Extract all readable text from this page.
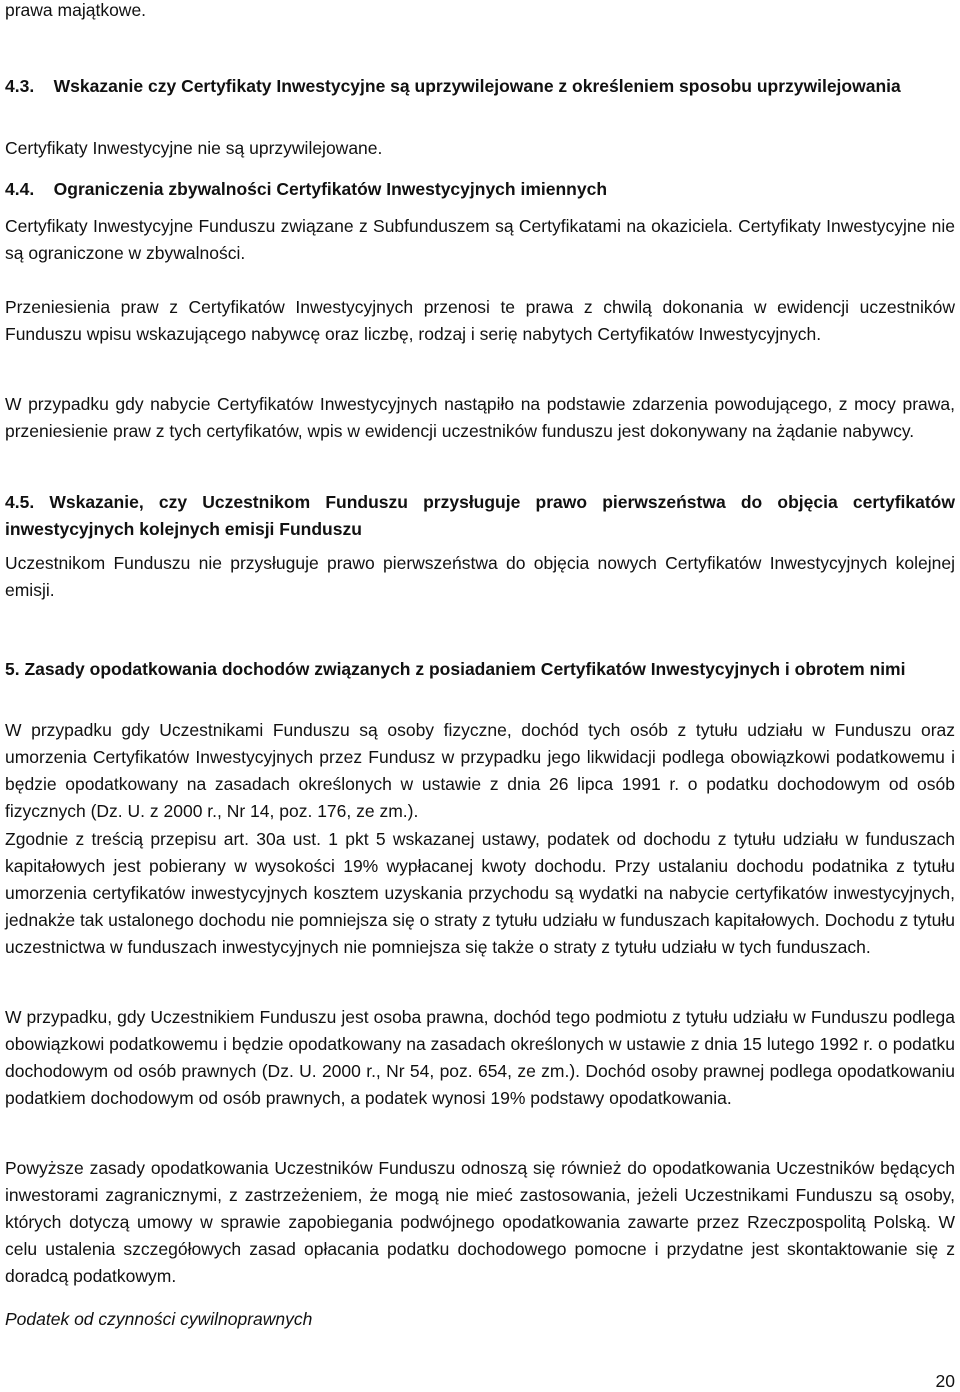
prawa majątkowe.

4.3. Wskazanie czy Certyfikaty Inwestycyjne są uprzywilejowane z określeniem sposobu uprzywilejowania

Certyfikaty Inwestycyjne nie są uprzywilejowane.

4.4. Ograniczenia zbywalności Certyfikatów Inwestycyjnych imiennych

Certyfikaty Inwestycyjne Funduszu związane z Subfunduszem są Certyfikatami na okaziciela. Certyfikaty Inwestycyjne nie są ograniczone w zbywalności.

Przeniesienia praw z Certyfikatów Inwestycyjnych przenosi te prawa z chwilą dokonania w ewidencji uczestników Funduszu wpisu wskazującego nabywcę oraz liczbę, rodzaj i serię nabytych Certyfikatów Inwestycyjnych.

W przypadku gdy nabycie Certyfikatów Inwestycyjnych nastąpiło na podstawie zdarzenia powodującego, z mocy prawa, przeniesienie praw z tych certyfikatów, wpis w ewidencji uczestników funduszu jest dokonywany na żądanie nabywcy.

4.5. Wskazanie, czy Uczestnikom Funduszu przysługuje prawo pierwszeństwa do objęcia certyfikatów inwestycyjnych kolejnych emisji Funduszu

Uczestnikom Funduszu nie przysługuje prawo pierwszeństwa do objęcia nowych Certyfikatów Inwestycyjnych kolejnej emisji.

5. Zasady opodatkowania dochodów związanych z posiadaniem Certyfikatów Inwestycyjnych i obrotem nimi

W przypadku gdy Uczestnikami Funduszu są osoby fizyczne, dochód tych osób z tytułu udziału w Funduszu oraz umorzenia Certyfikatów Inwestycyjnych przez Fundusz w przypadku jego likwidacji podlega obowiązkowi podatkowemu i będzie opodatkowany na zasadach określonych w ustawie z dnia 26 lipca 1991 r. o podatku dochodowym od osób fizycznych (Dz. U. z 2000 r., Nr 14, poz. 176, ze zm.).

Zgodnie z treścią przepisu art. 30a ust. 1 pkt 5 wskazanej ustawy, podatek od dochodu z tytułu udziału w funduszach kapitałowych jest pobierany w wysokości 19% wypłacanej kwoty dochodu. Przy ustalaniu dochodu podatnika z tytułu umorzenia certyfikatów inwestycyjnych kosztem uzyskania przychodu są wydatki na nabycie certyfikatów inwestycyjnych, jednakże tak ustalonego dochodu nie pomniejsza się o straty z tytułu udziału w funduszach kapitałowych. Dochodu z tytułu uczestnictwa w funduszach inwestycyjnych nie pomniejsza się także o straty z tytułu udziału w tych funduszach.

W przypadku, gdy Uczestnikiem Funduszu jest osoba prawna, dochód tego podmiotu z tytułu udziału w Funduszu podlega obowiązkowi podatkowemu i będzie opodatkowany na zasadach określonych w ustawie z dnia 15 lutego 1992 r. o podatku dochodowym od osób prawnych (Dz. U. 2000 r., Nr 54, poz. 654, ze zm.). Dochód osoby prawnej podlega opodatkowaniu podatkiem dochodowym od osób prawnych, a podatek wynosi 19% podstawy opodatkowania.

Powyższe zasady opodatkowania Uczestników Funduszu odnoszą się również do opodatkowania Uczestników będących inwestorami zagranicznymi, z zastrzeżeniem, że mogą nie mieć zastosowania, jeżeli Uczestnikami Funduszu są osoby, których dotyczą umowy w sprawie zapobiegania podwójnego opodatkowania zawarte przez Rzeczpospolitą Polską. W celu ustalenia szczegółowych zasad opłacania podatku dochodowego pomocne i przydatne jest skontaktowanie się z doradcą podatkowym.

Podatek od czynności cywilnoprawnych

20
